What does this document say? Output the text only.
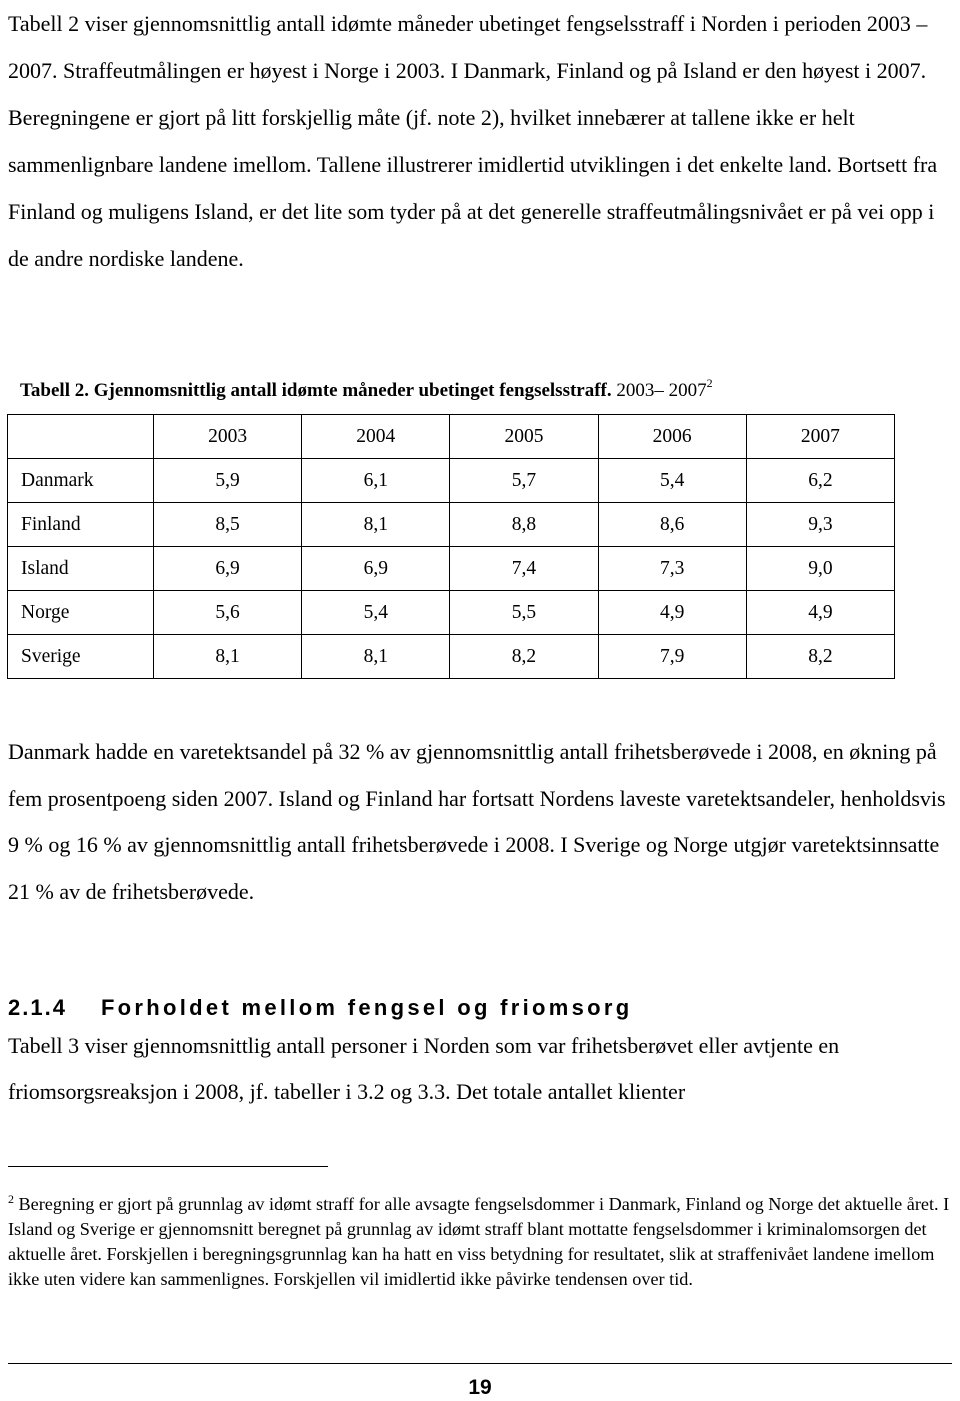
Tabell 2 viser gjennomsnittlig antall idømte måneder ubetinget fengselsstraff i Norden i perioden 2003 – 2007. Straffeutmålingen er høyest i Norge i 2003. I Danmark, Finland og på Island er den høyest i 2007. Beregningene er gjort på litt forskjellig måte (jf. note 2), hvilket innebærer at tallene ikke er helt sammenlignbare landene imellom. Tallene illustrerer imidlertid utviklingen i det enkelte land. Bortsett fra Finland og muligens Island, er det lite som tyder på at det generelle straffeutmålingsnivået er på vei opp i de andre nordiske landene.

Tabell 2. Gjennomsnittlig antall idømte måneder ubetinget fengselsstraff. 2003– 2007$^2$
	2003	2004	2005	2006	2007
Danmark	5,9	6,1	5,7	5,4	6,2
Finland	8,5	8,1	8,8	8,6	9,3
Island	6,9	6,9	7,4	7,3	9,0
Norge	5,6	5,4	5,5	4,9	4,9
Sverige	8,1	8,1	8,2	7,9	8,2

Danmark hadde en varetektsandel på 32 % av gjennomsnittlig antall frihetsberøvede i 2008, en økning på fem prosentpoeng siden 2007. Island og Finland har fortsatt Nordens laveste varetektsandeler, henholdsvis 9 % og 16 % av gjennomsnittlig antall frihetsberøvede i 2008. I Sverige og Norge utgjør varetektsinnsatte 21 % av de frihetsberøvede.

2.1.4 Forholdet mellom fengsel og friomsorg

Tabell 3 viser gjennomsnittlig antall personer i Norden som var frihetsberøvet eller avtjente en friomsorgsreaksjon i 2008, jf. tabeller i 3.2 og 3.3. Det totale antallet klienter

$^2$ Beregning er gjort på grunnlag av idømt straff for alle avsagte fengselsdommer i Danmark, Finland og Norge det aktuelle året. I Island og Sverige er gjennomsnitt beregnet på grunnlag av idømt straff blant mottatte fengselsdommer i kriminalomsorgen det aktuelle året. Forskjellen i beregningsgrunnlag kan ha hatt en viss betydning for resultatet, slik at straffenivået landene imellom ikke uten videre kan sammenlignes. Forskjellen vil imidlertid ikke påvirke tendensen over tid.

19
